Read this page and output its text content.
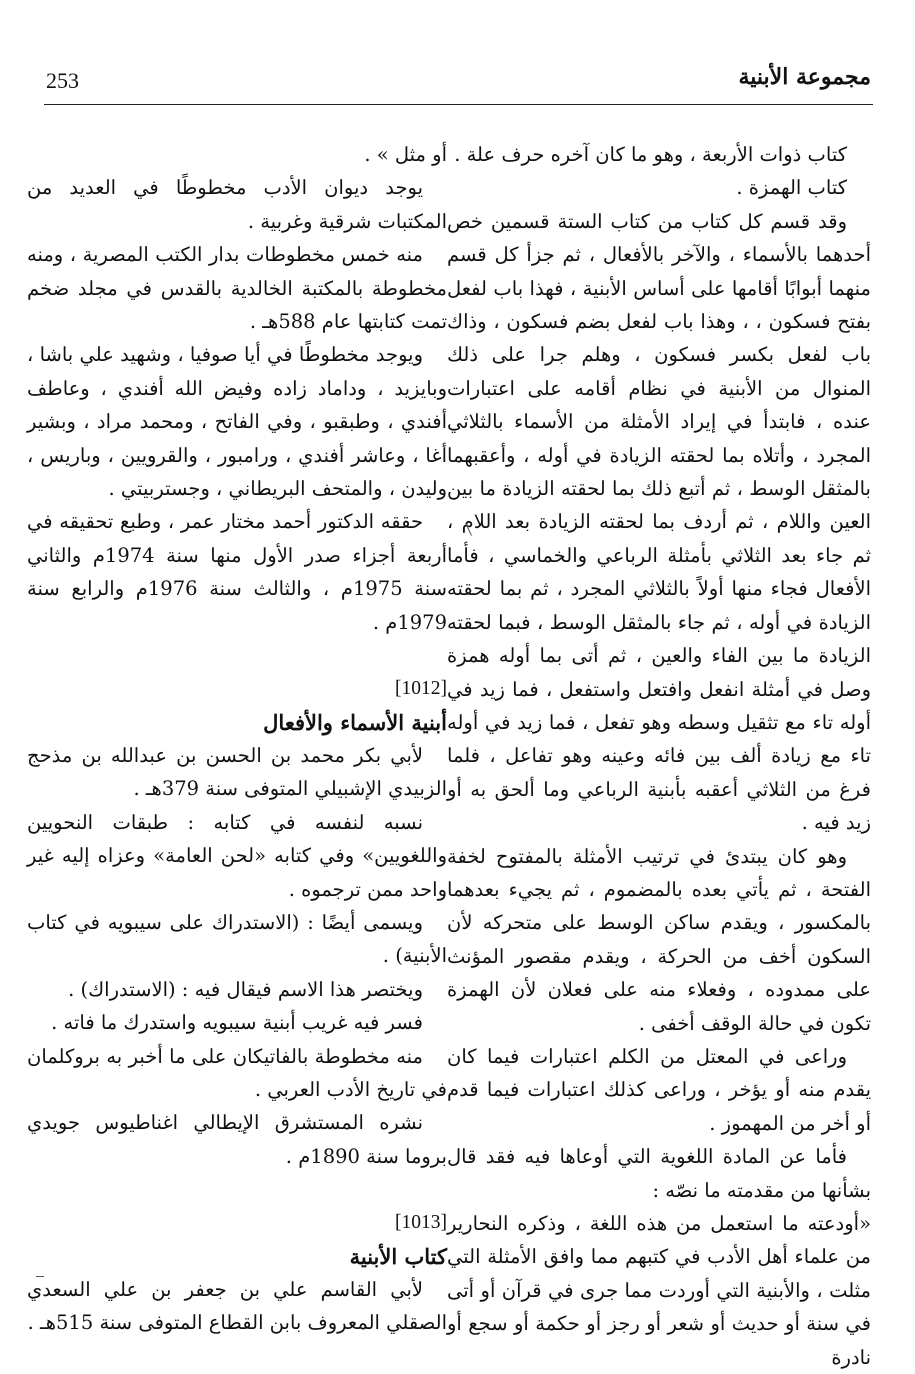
253	مجموعة الأبنية

كتاب ذوات الأربعة ، وهو ما كان آخره حرف علة .

كتاب الهمزة .

وقد قسم كل كتاب من كتاب الستة قسمين خص أحدهما بالأسماء ، والآخر بالأفعال ، ثم جزأ كل قسم منهما أبوابًا أقامها على أساس الأبنية ، فهذا باب لفعل بفتح فسكون ، ، وهذا باب لفعل بضم فسكون ، وذاك باب لفعل بكسر فسكون ، وهلم جرا على ذلك المنوال من الأبنية في نظام أقامه على اعتبارات عنده ، فابتدأ في إيراد الأمثلة من الأسماء بالثلاثي المجرد ، وأتلاه بما لحقته الزيادة في أوله ، وأعقبهما بالمثقل الوسط ، ثم أتبع ذلك بما لحقته الزيادة ما بين العين واللام ، ثم أردف بما لحقته الزيادة بعد اللام ، ثم جاء بعد الثلاثي بأمثلة الرباعي والخماسي ، فأما الأفعال فجاء منها أولاً بالثلاثي المجرد ، ثم بما لحقته الزيادة في أوله ، ثم جاء بالمثقل الوسط ، فبما لحقته الزيادة ما بين الفاء والعين ، ثم أتى بما أوله همزة وصل في أمثلة انفعل وافتعل واستفعل ، فما زيد في أوله تاء مع تثقيل وسطه وهو تفعل ، فما زيد في أوله تاء مع زيادة ألف بين فائه وعينه وهو تفاعل ، فلما فرغ من الثلاثي أعقبه بأبنية الرباعي وما ألحق به أو زيد فيه .

وهو كان يبتدئ في ترتيب الأمثلة بالمفتوح لخفة الفتحة ، ثم يأتي بعده بالمضموم ، ثم يجيء بعدهما بالمكسور ، ويقدم ساكن الوسط على متحركه لأن السكون أخف من الحركة ، ويقدم مقصور المؤنث على ممدوده ، وفعلاء منه على فعلان لأن الهمزة تكون في حالة الوقف أخفى .

وراعى في المعتل من الكلم اعتبارات فيما كان يقدم منه أو يؤخر ، وراعى كذلك اعتبارات فيما قدم أو أخر من المهموز .

فأما عن المادة اللغوية التي أوعاها فيه فقد قال بشأنها من مقدمته ما نصّه :

«أودعته ما استعمل من هذه اللغة ، وذكره النحارير من علماء أهل الأدب في كتبهم مما وافق الأمثلة التي مثلت ، والأبنية التي أوردت مما جرى في قرآن أو أتى في سنة أو حديث أو شعر أو رجز أو حكمة أو سجع أو نادرة

أو مثل » .

يوجد ديوان الأدب مخطوطًا في العديد من المكتبات شرقية وغربية .

منه خمس مخطوطات بدار الكتب المصرية ، ومنه مخطوطة بالمكتبة الخالدية بالقدس في مجلد ضخم تمت كتابتها عام 588هـ .

ويوجد مخطوطًا في أيا صوفيا ، وشهيد علي باشا ، وبايزيد ، وداماد زاده وفيض الله أفندي ، وعاطف أفندي ، وطبقبو ، وفي الفاتح ، ومحمد مراد ، وبشير أغا ، وعاشر أفندي ، ورامبور ، والقرويين ، وباريس ، وليدن ، والمتحف البريطاني ، وجستربيتي .

حققه الدكتور أحمد مختار عمر ، وطبع تحقيقه في أربعة أجزاء صدر الأول منها سنة 1974م والثاني سنة 1975م ، والثالث سنة 1976م والرابع سنة 1979م .

[1012]

أبنية الأسماء والأفعال

لأبي بكر محمد بن الحسن بن عبدالله بن مذحج الزبيدي الإشبيلي المتوفى سنة 379هـ .

نسبه لنفسه في كتابه : طبقات النحويين واللغويين» وفي كتابه «لحن العامة» وعزاه إليه غير واحد ممن ترجموه .

ويسمى أيضًا : (الاستدراك على سيبويه في كتاب الأبنية) .

ويختصر هذا الاسم فيقال فيه : (الاستدراك) .

فسر فيه غريب أبنية سيبويه واستدرك ما فاته .

منه مخطوطة بالفاتيكان على ما أخبر به بروكلمان في تاريخ الأدب العربي .

نشره المستشرق الإيطالي اغناطيوس جويدي بروما سنة 1890م .

[1013]

كتاب الأبنية

لأبي القاسم علي بن جعفر بن علي السعدي الصقلي المعروف بابن القطاع المتوفى سنة 515هـ .
